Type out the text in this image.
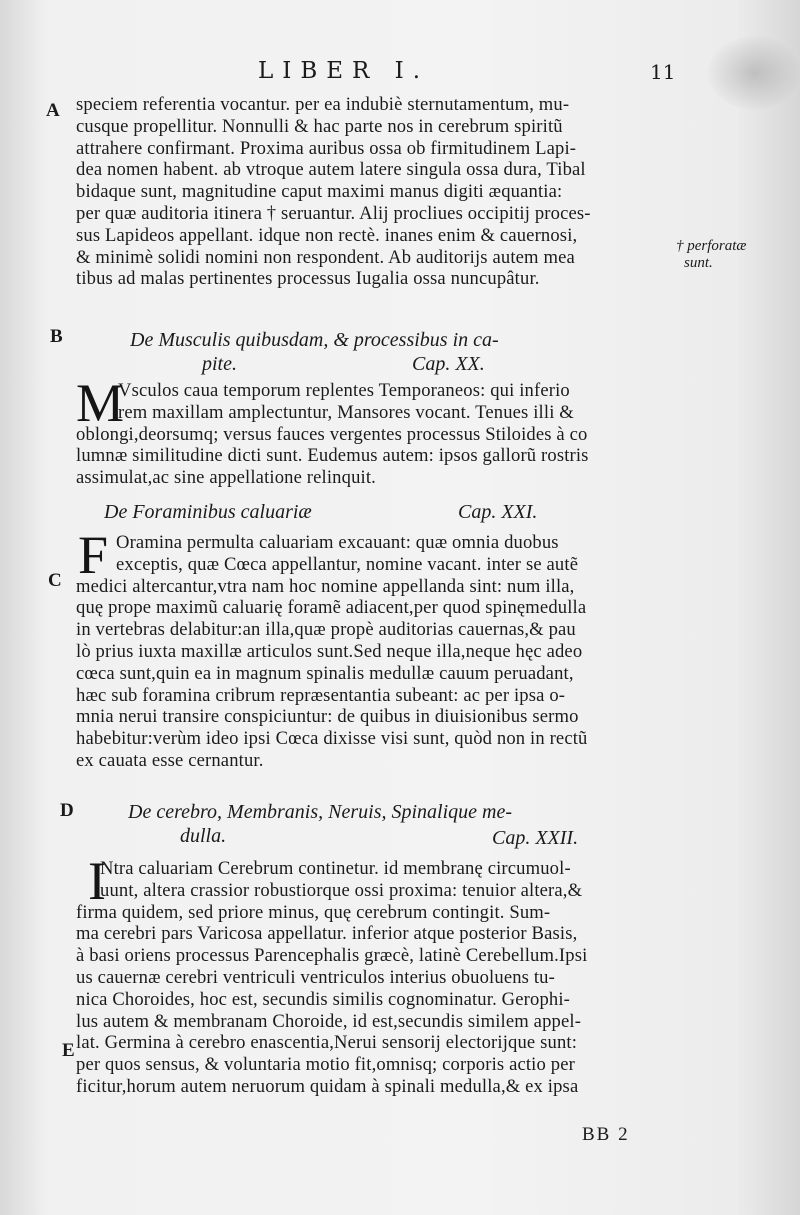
LIBER I.	11
A
B
C
D
E
† perforatæ
sunt.
speciem referentia vocantur. per ea indubiè sternutamentum, mu-
cusque propellitur. Nonnulli & hac parte nos in cerebrum spiritũ
attrahere confirmant. Proxima auribus ossa ob firmitudinem Lapi-
dea nomen habent. ab vtroque autem latere singula ossa dura, Tibal
bidaque sunt, magnitudine caput maximi manus digiti æquantia:
per quæ auditoria itinera † seruantur. Alij procliues occipitij proces-
sus Lapideos appellant. idque non rectè. inanes enim & cauernosi,
& minimè solidi nomini non respondent. Ab auditorijs autem mea
tibus ad malas pertinentes processus Iugalia ossa nuncupâtur.
De Musculis quibusdam, & processibus in ca-
pite.	Cap. XX.
M
Vsculos caua temporum replentes Temporaneos: qui inferio
rem maxillam amplectuntur, Mansores vocant. Tenues illi &
oblongi,deorsumq; versus fauces vergentes processus Stiloides à co
lumnæ similitudine dicti sunt. Eudemus autem: ipsos gallorũ rostris
assimulat,ac sine appellatione relinquit.
De Foraminibus caluariæ	Cap. XXI.
F Oramina permulta caluariam excauant: quæ omnia duobus
exceptis, quæ Cœca appellantur, nomine vacant. inter se autẽ
medici altercantur,vtra nam hoc nomine appellanda sint: num illa,
quę prope maximũ caluarię foramẽ adiacent,per quod spinęmedulla
in vertebras delabitur:an illa,quæ propè auditorias cauernas,& pau
lò prius iuxta maxillæ articulos sunt.Sed neque illa,neque hęc adeo
cœca sunt,quin ea in magnum spinalis medullæ cauum peruadant,
hæc sub foramina cribrum repræsentantia subeant: ac per ipsa o-
mnia nerui transire conspiciuntur: de quibus in diuisionibus sermo
habebitur:verùm ideo ipsi Cœca dixisse visi sunt, quòd non in rectũ
ex cauata esse cernantur.
De cerebro, Membranis, Neruis, Spinalique me-
dulla.	Cap. XXII.
I
Ntra caluariam Cerebrum continetur. id membranę circumuol-
uunt, altera crassior robustiorque ossi proxima: tenuior altera,&
firma quidem, sed priore minus, quę cerebrum contingit. Sum-
ma cerebri pars Varicosa appellatur. inferior atque posterior Basis,
à basi oriens processus Parencephalis græcè, latinè Cerebellum.Ipsi
us cauernæ cerebri ventriculi ventriculos interius obuoluens tu-
nica Choroides, hoc est, secundis similis cognominatur. Gerophi-
lus autem & membranam Choroide, id est,secundis similem appel-
lat. Germina à cerebro enascentia,Nerui sensorij electorijque sunt:
per quos sensus, & voluntaria motio fit,omnisq; corporis actio per
ficitur,horum autem neruorum quidam à spinali medulla,& ex ipsa
BB 2
